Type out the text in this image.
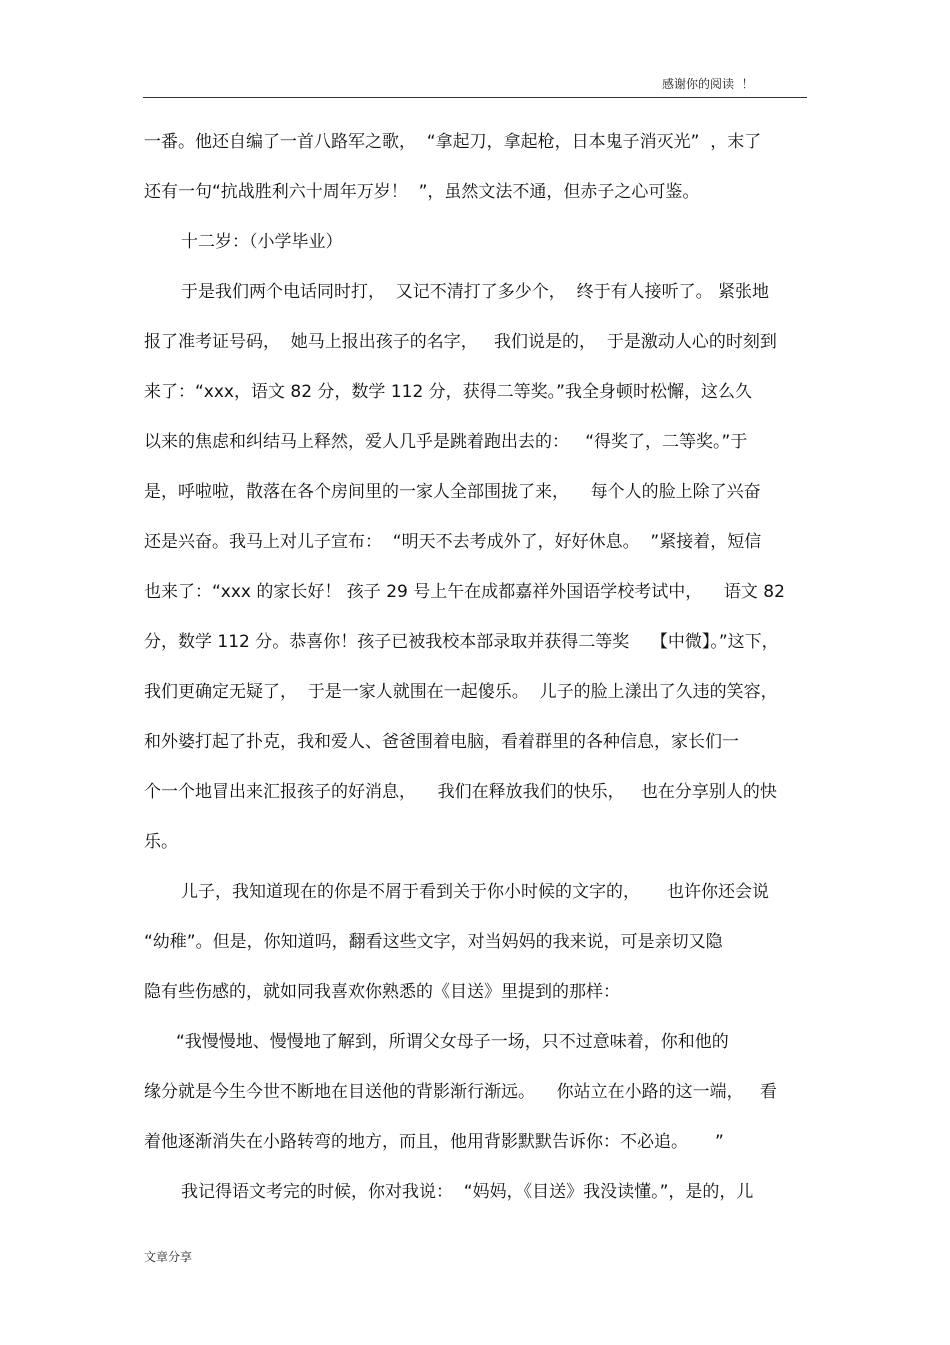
感谢你的阅读  ！
一番。他还自编了一首八路军之歌，  “拿起刀，拿起枪，日本鬼子消灭光”  ，末了
还有一句“抗战胜利六十周年万岁！  ”，虽然文法不通，但赤子之心可鉴。
十二岁：（小学毕业）
于是我们两个电话同时打，  又记不清打了多少个，  终于有人接听了。 紧张地
报了准考证号码，  她马上报出孩子的名字，   我们说是的，  于是激动人心的时刻到
来了：“xxx，语文 82 分，数学 112 分，获得二等奖。”我全身顿时松懈，这么久
以来的焦虑和纠结马上释然，爱人几乎是跳着跑出去的：   “得奖了，二等奖。”于
是，呼啦啦，散落在各个房间里的一家人全部围拢了来，    每个人的脸上除了兴奋
还是兴奋。我马上对儿子宣布：  “明天不去考成外了，好好休息。  ”紧接着，短信
也来了：“xxx 的家长好！ 孩子 29 号上午在成都嘉祥外国语学校考试中，    语文 82
分，数学 112 分。恭喜你！孩子已被我校本部录取并获得二等奖    【中微】。”这下，
我们更确定无疑了，  于是一家人就围在一起傻乐。  儿子的脸上漾出了久违的笑容，
和外婆打起了扑克，我和爱人、爸爸围着电脑，看着群里的各种信息，家长们一
个一个地冒出来汇报孩子的好消息，    我们在释放我们的快乐，   也在分享别人的快
乐。
儿子，我知道现在的你是不屑于看到关于你小时候的文字的，     也许你还会说
“幼稚”。但是，你知道吗，翻看这些文字，对当妈妈的我来说，可是亲切又隐
隐有些伤感的，就如同我喜欢你熟悉的《目送》里提到的那样：
“我慢慢地、慢慢地了解到，所谓父女母子一场，只不过意味着，你和他的
缘分就是今生今世不断地在目送他的背影渐行渐远。    你站立在小路的这一端，   看
着他逐渐消失在小路转弯的地方，而且，他用背影默默告诉你：不必追。     ”
我记得语文考完的时候，你对我说：  “妈妈，《目送》我没读懂。”，是的，儿
文章分享
